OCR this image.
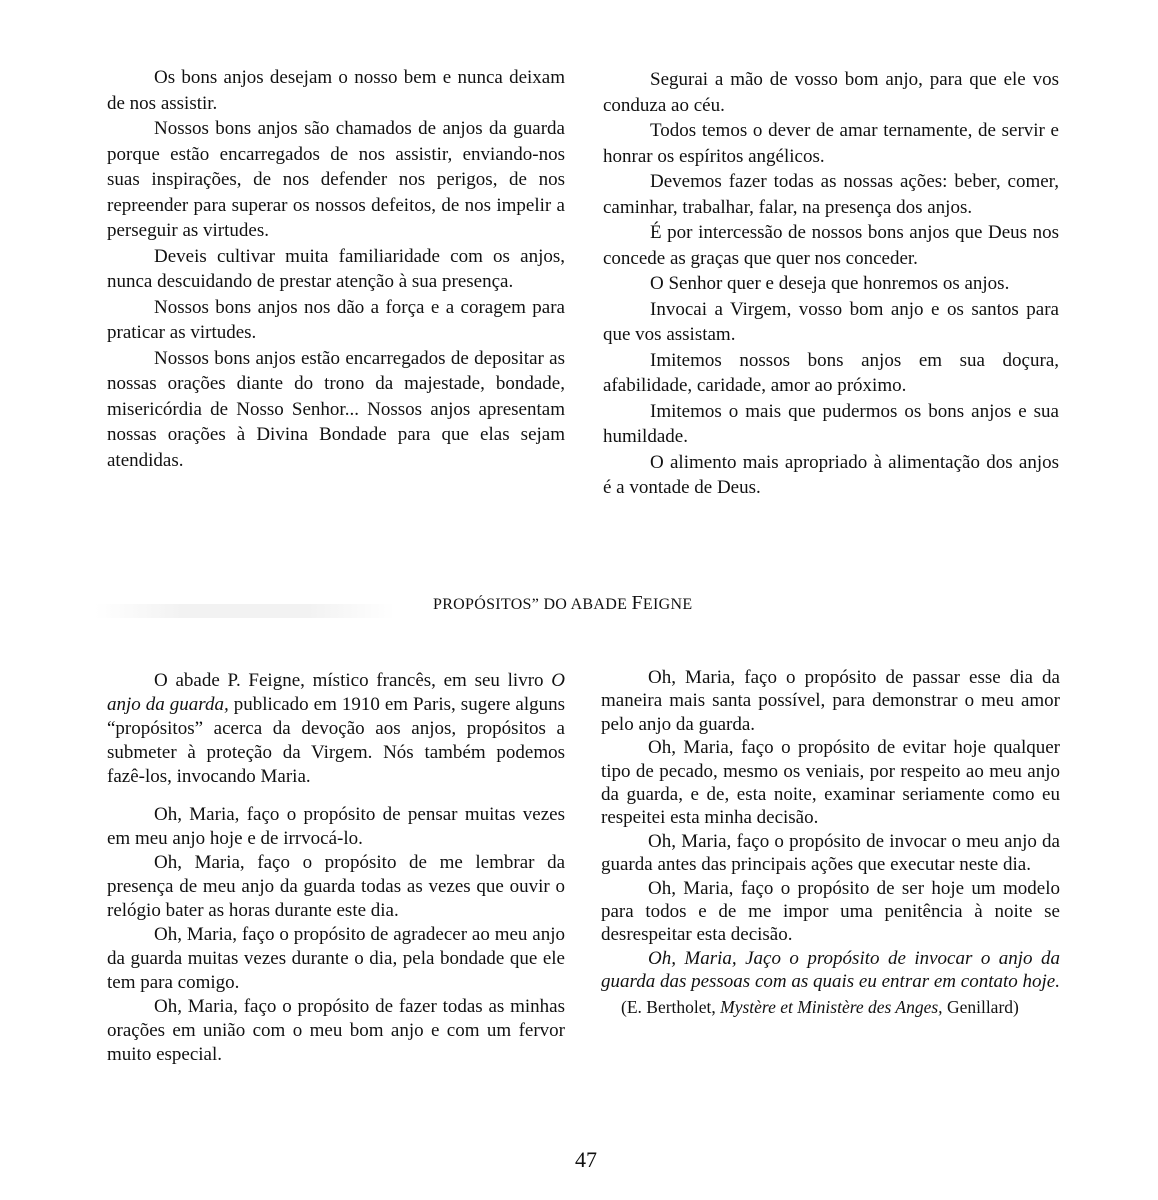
Os bons anjos desejam o nosso bem e nunca deixam de nos assistir.

Nossos bons anjos são chamados de anjos da guarda porque estão encarregados de nos assistir, enviando-nos suas inspirações, de nos defender nos perigos, de nos repreender para superar os nossos defeitos, de nos impelir a perseguir as virtudes.

Deveis cultivar muita familiaridade com os anjos, nunca descuidando de prestar atenção à sua presença.

Nossos bons anjos nos dão a força e a coragem para praticar as virtudes.

Nossos bons anjos estão encarregados de depositar as nossas orações diante do trono da majestade, bondade, misericórdia de Nosso Senhor... Nossos anjos apresentam nossas orações à Divina Bondade para que elas sejam atendidas.

Segurai a mão de vosso bom anjo, para que ele vos conduza ao céu.

Todos temos o dever de amar ternamente, de servir e honrar os espíritos angélicos.

Devemos fazer todas as nossas ações: beber, comer, caminhar, trabalhar, falar, na presença dos anjos.

É por intercessão de nossos bons anjos que Deus nos concede as graças que quer nos conceder.

O Senhor quer e deseja que honremos os anjos.

Invocai a Virgem, vosso bom anjo e os santos para que vos assistam.

Imitemos nossos bons anjos em sua doçura, afabilidade, caridade, amor ao próximo.

Imitemos o mais que pudermos os bons anjos e sua humildade.

O alimento mais apropriado à alimentação dos anjos é a vontade de Deus.

PROPÓSITOS” DO ABADE FEIGNE

O abade P. Feigne, místico francês, em seu livro O anjo da guarda, publicado em 1910 em Paris, sugere alguns “propósitos” acerca da devoção aos anjos, propósitos a submeter à proteção da Virgem. Nós também podemos fazê-los, invocando Maria.

Oh, Maria, faço o propósito de pensar muitas vezes em meu anjo hoje e de irrvocá-lo.

Oh, Maria, faço o propósito de me lembrar da presença de meu anjo da guarda todas as vezes que ouvir o relógio bater as horas durante este dia.

Oh, Maria, faço o propósito de agradecer ao meu anjo da guarda muitas vezes durante o dia, pela bondade que ele tem para comigo.

Oh, Maria, faço o propósito de fazer todas as minhas orações em união com o meu bom anjo e com um fervor muito especial.

Oh, Maria, faço o propósito de passar esse dia da maneira mais santa possível, para demonstrar o meu amor pelo anjo da guarda.

Oh, Maria, faço o propósito de evitar hoje qualquer tipo de pecado, mesmo os veniais, por respeito ao meu anjo da guarda, e de, esta noite, examinar seriamente como eu respeitei esta minha decisão.

Oh, Maria, faço o propósito de invocar o meu anjo da guarda antes das principais ações que executar neste dia.

Oh, Maria, faço o propósito de ser hoje um modelo para todos e de me impor uma penitência à noite se desrespeitar esta decisão.

Oh, Maria, Jaço o propósito de invocar o anjo da guarda das pessoas com as quais eu entrar em contato hoje.

(E. Bertholet, Mystère et Ministère des Anges, Genillard)

47
